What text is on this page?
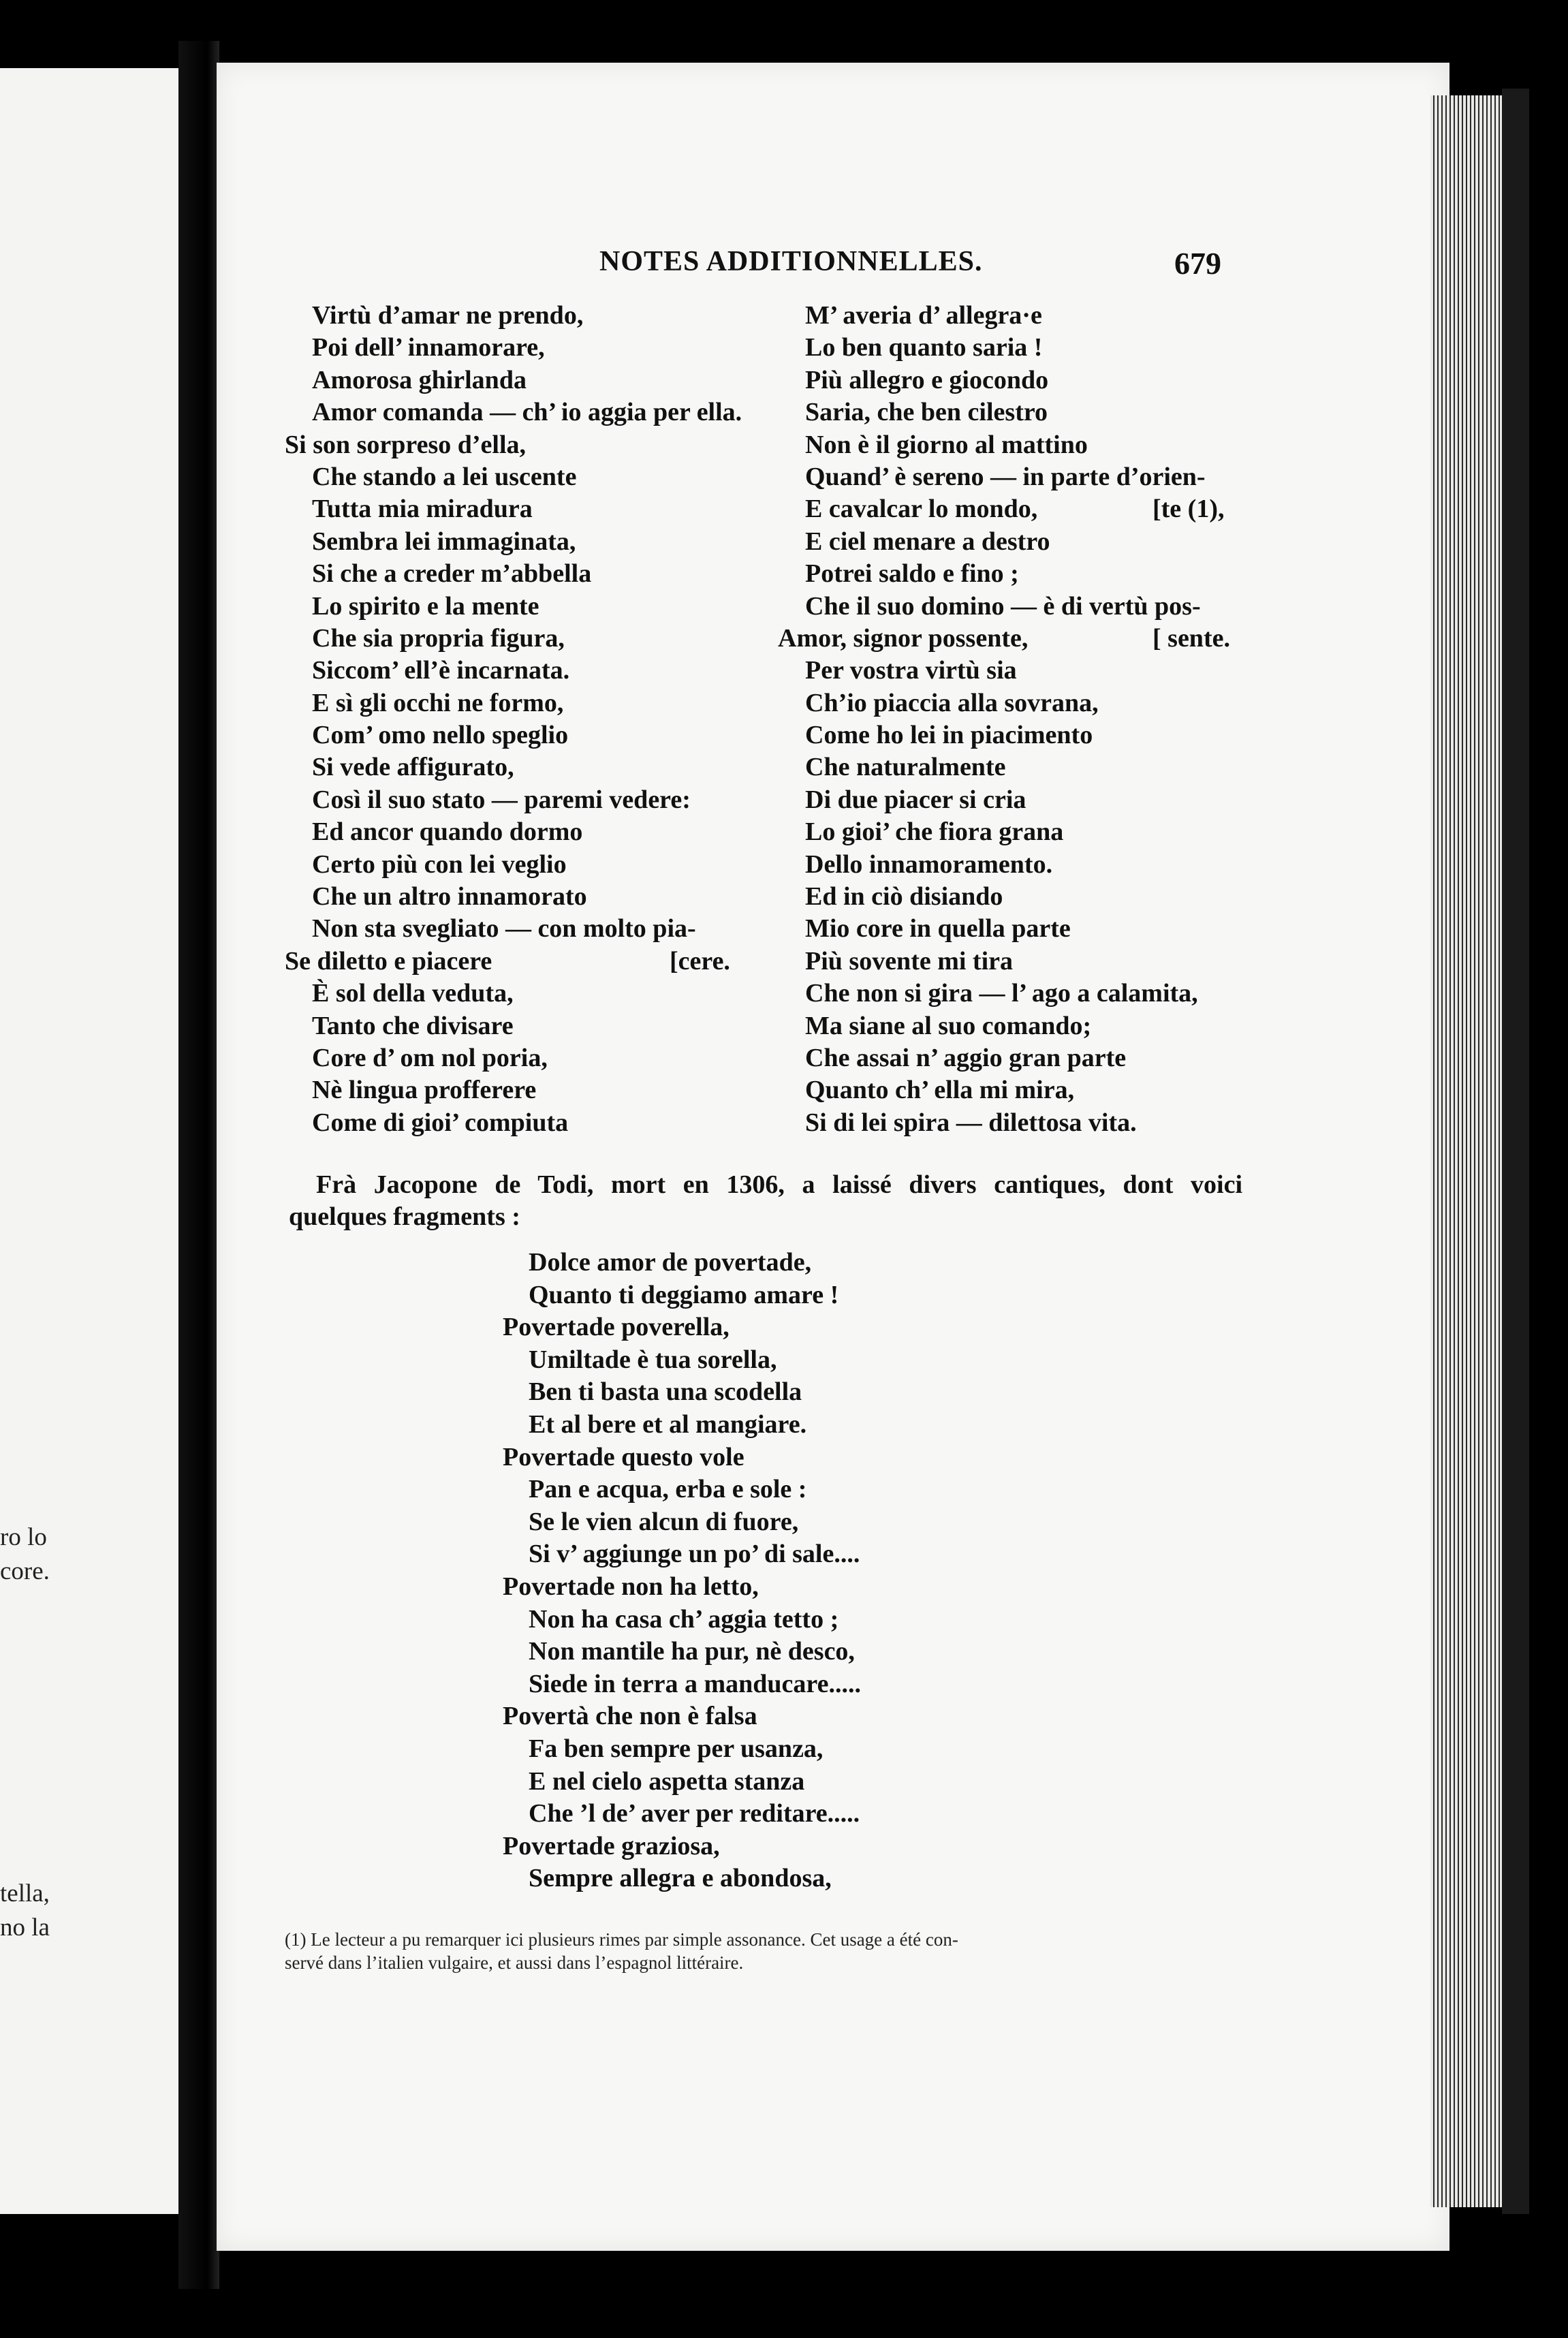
ro lo
core.
tella,
no la
NOTES ADDITIONNELLES.	679
Virtù d’amar ne prendo,
Poi dell’ innamorare,
Amorosa ghirlanda
Amor comanda — ch’ io aggia per ella.
Si son sorpreso d’ella,
Che stando a lei uscente
Tutta mia miradura
Sembra lei immaginata,
Si che a creder m’abbella
Lo spirito e la mente
Che sia propria figura,
Siccom’ ell’è incarnata.
E sì gli occhi ne formo,
Com’ omo nello speglio
Si vede affigurato,
Così il suo stato — paremi vedere:
Ed ancor quando dormo
Certo più con lei veglio
Che un altro innamorato
Non sta svegliato — con molto pia-
Se diletto e piacere	[cere.
È sol della veduta,
Tanto che divisare
Core d’ om nol poria,
Nè lingua profferere
Come di gioi’ compiuta
M’ averia d’ allegra·e
Lo ben quanto saria !
Più allegro e giocondo
Saria, che ben cilestro
Non è il giorno al mattino
Quand’ è sereno — in parte d’orien-
E cavalcar lo mondo,	[te (1),
E ciel menare a destro
Potrei saldo e fino ;
Che il suo domino — è di vertù pos-
Amor, signor possente,	[ sente.
Per vostra virtù sia
Ch’io piaccia alla sovrana,
Come ho lei in piacimento
Che naturalmente
Di due piacer si cria
Lo gioi’ che fiora grana
Dello innamoramento.
Ed in ciò disiando
Mio core in quella parte
Più sovente mi tira
Che non si gira — l’ ago a calamita,
Ma siane al suo comando;
Che assai n’ aggio gran parte
Quanto ch’ ella mi mira,
Si di lei spira — dilettosa vita.
Frà Jacopone de Todi, mort en 1306, a laissé divers cantiques, dont voici
quelques fragments :
Dolce amor de povertade,
Quanto ti deggiamo amare !
Povertade poverella,
Umiltade è tua sorella,
Ben ti basta una scodella
Et al bere et al mangiare.
Povertade questo vole
Pan e acqua, erba e sole :
Se le vien alcun di fuore,
Si v’ aggiunge un po’ di sale....
Povertade non ha letto,
Non ha casa ch’ aggia tetto ;
Non mantile ha pur, nè desco,
Siede in terra a manducare.....
Povertà che non è falsa
Fa ben sempre per usanza,
E nel cielo aspetta stanza
Che ’l de’ aver per reditare.....
Povertade graziosa,
Sempre allegra e abondosa,
(1) Le lecteur a pu remarquer ici plusieurs rimes par simple assonance. Cet usage a été con-
servé dans l’italien vulgaire, et aussi dans l’espagnol littéraire.
